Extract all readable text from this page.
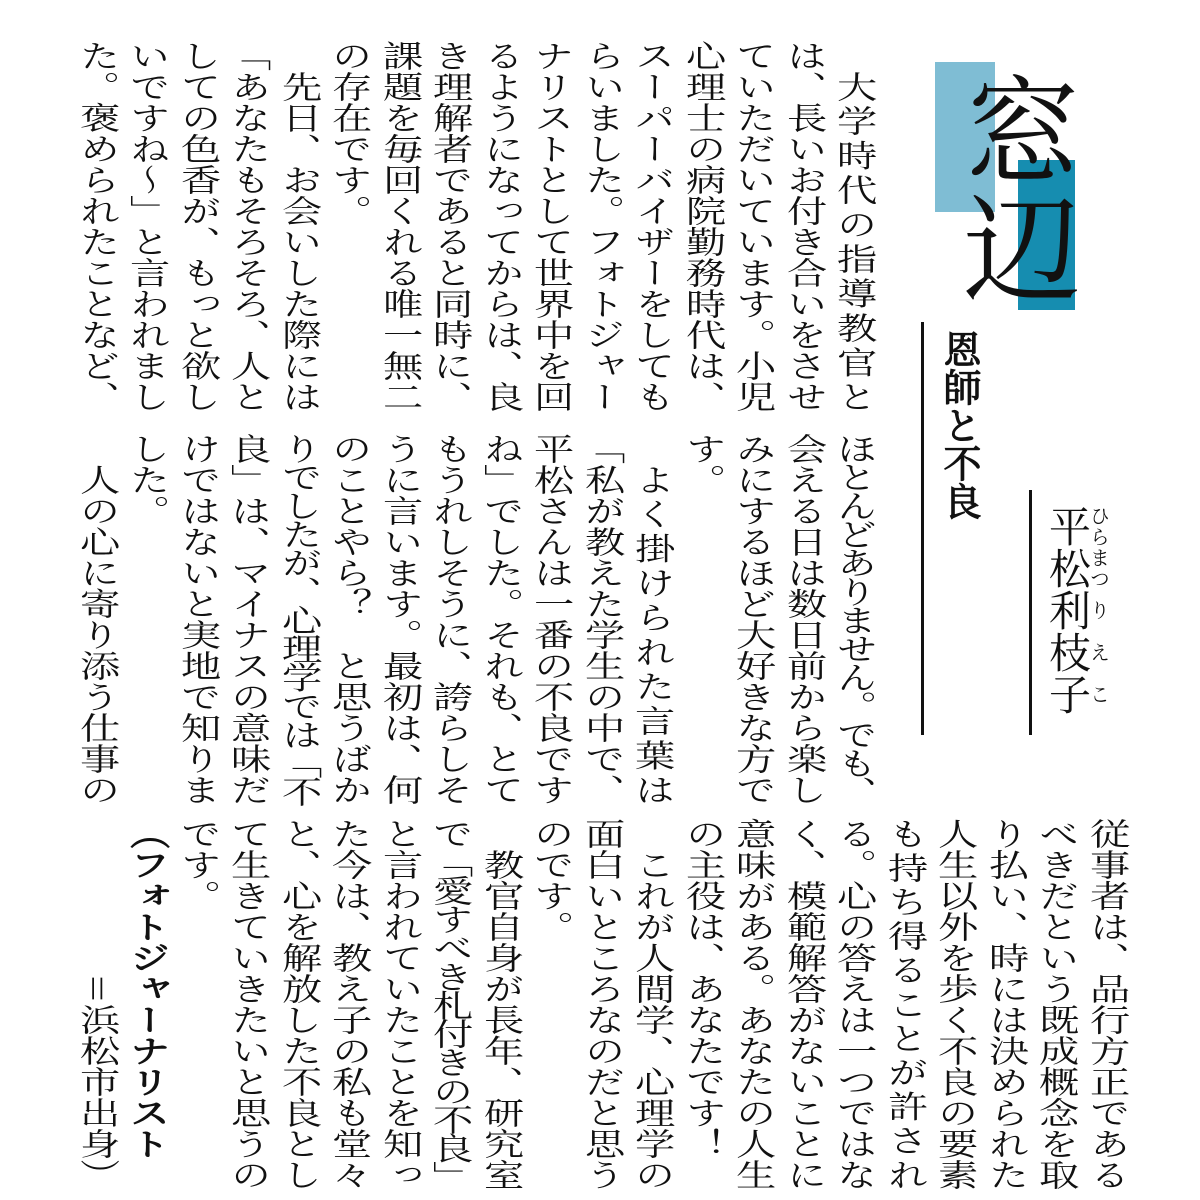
窓辺
恩師と不良
平ひら松まつ利り枝え子こ
大学時代の指導教官と
は、長いお付き合いをさせ
ていただいています。小児
心理士の病院勤務時代は、
スーパーバイザーをしても
らいました。フォトジャー
ナリストとして世界中を回
るようになってからは、良
き理解者であると同時に、
課題を毎回くれる唯一無二
の存在です。
先日、お会いした際には
「あなたもそろそろ、人と
しての色香が、もっと欲し
いですね〜」と言われまし
た。褒められたことなど、
ほとんどありません。でも、
会える日は数日前から楽し
みにするほど大好きな方で
す。
よく掛けられた言葉は
「私が教えた学生の中で、
平松さんは一番の不良です
ね」でした。それも、とて
もうれしそうに、誇らしそ
うに言います。最初は、何
のことやら？　と思うばか
りでしたが、心理学では「不
良」は、マイナスの意味だ
けではないと実地で知りま
した。
人の心に寄り添う仕事の
従事者は、品行方正である
べきだという既成概念を取
り払い、時には決められた
人生以外を歩く不良の要素
も持ち得ることが許され
る。心の答えは一つではな
く、模範解答がないことに
意味がある。あなたの人生
の主役は、あなたです！
これが人間学、心理学の
面白いところなのだと思う
のです。
教官自身が長年、研究室
で「愛すべき札付きの不良」
と言われていたことを知っ
た今は、教え子の私も堂々
と、心を解放した不良とし
て生きていきたいと思うの
です。
（フォトジャーナリスト
＝浜松市出身）
